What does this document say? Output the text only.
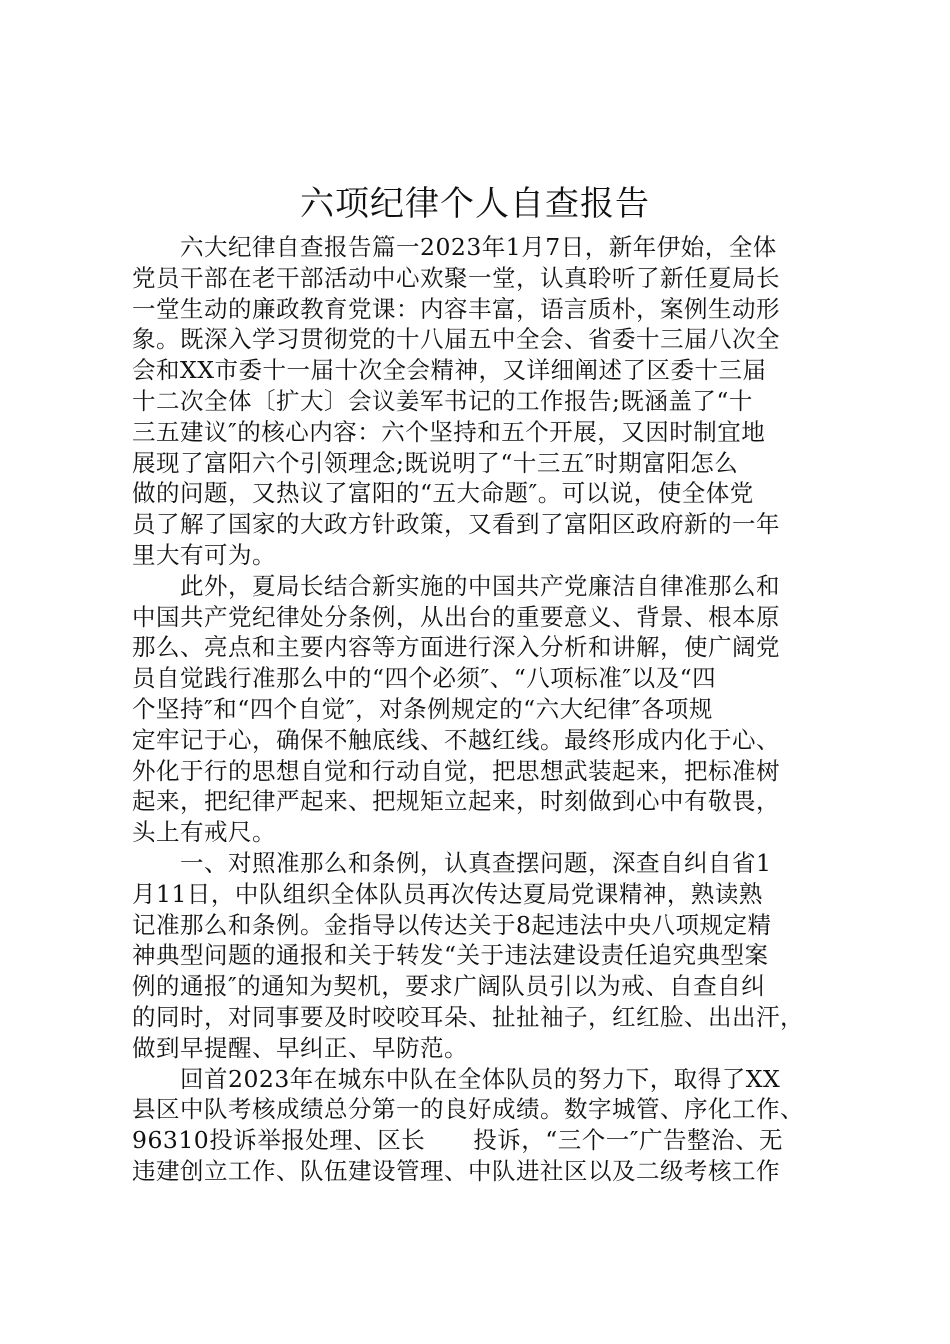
六项纪律个人自查报告
　　六大纪律自查报告篇一2023年1月7日，新年伊始，全体
党员干部在老干部活动中心欢聚一堂，认真聆听了新任夏局长
一堂生动的廉政教育党课：内容丰富，语言质朴，案例生动形
象。既深入学习贯彻党的十八届五中全会、省委十三届八次全
会和XX市委十一届十次全会精神，又详细阐述了区委十三届
十二次全体〔扩大〕会议姜军书记的工作报告;既涵盖了“十
三五建议″的核心内容：六个坚持和五个开展，又因时制宜地
展现了富阳六个引领理念;既说明了“十三五″时期富阳怎么
做的问题，又热议了富阳的“五大命题″。可以说，使全体党
员了解了国家的大政方针政策，又看到了富阳区政府新的一年
里大有可为。
　　此外，夏局长结合新实施的中国共产党廉洁自律准那么和
中国共产党纪律处分条例，从出台的重要意义、背景、根本原
那么、亮点和主要内容等方面进行深入分析和讲解，使广阔党
员自觉践行准那么中的“四个必须″、“八项标准″以及“四
个坚持″和“四个自觉″，对条例规定的“六大纪律″各项规
定牢记于心，确保不触底线、不越红线。最终形成内化于心、
外化于行的思想自觉和行动自觉，把思想武装起来，把标准树
起来，把纪律严起来、把规矩立起来，时刻做到心中有敬畏，
头上有戒尺。
　　一、对照准那么和条例，认真查摆问题，深查自纠自省1
月11日，中队组织全体队员再次传达夏局党课精神，熟读熟
记准那么和条例。金指导以传达关于8起违法中央八项规定精
神典型问题的通报和关于转发“关于违法建设责任追究典型案
例的通报″的通知为契机，要求广阔队员引以为戒、自查自纠
的同时，对同事要及时咬咬耳朵、扯扯袖子，红红脸、出出汗，
做到早提醒、早纠正、早防范。
　　回首2023年在城东中队在全体队员的努力下，取得了XX
县区中队考核成绩总分第一的良好成绩。数字城管、序化工作、
96310投诉举报处理、区长　　投诉，“三个一″广告整治、无
违建创立工作、队伍建设管理、中队进社区以及二级考核工作
